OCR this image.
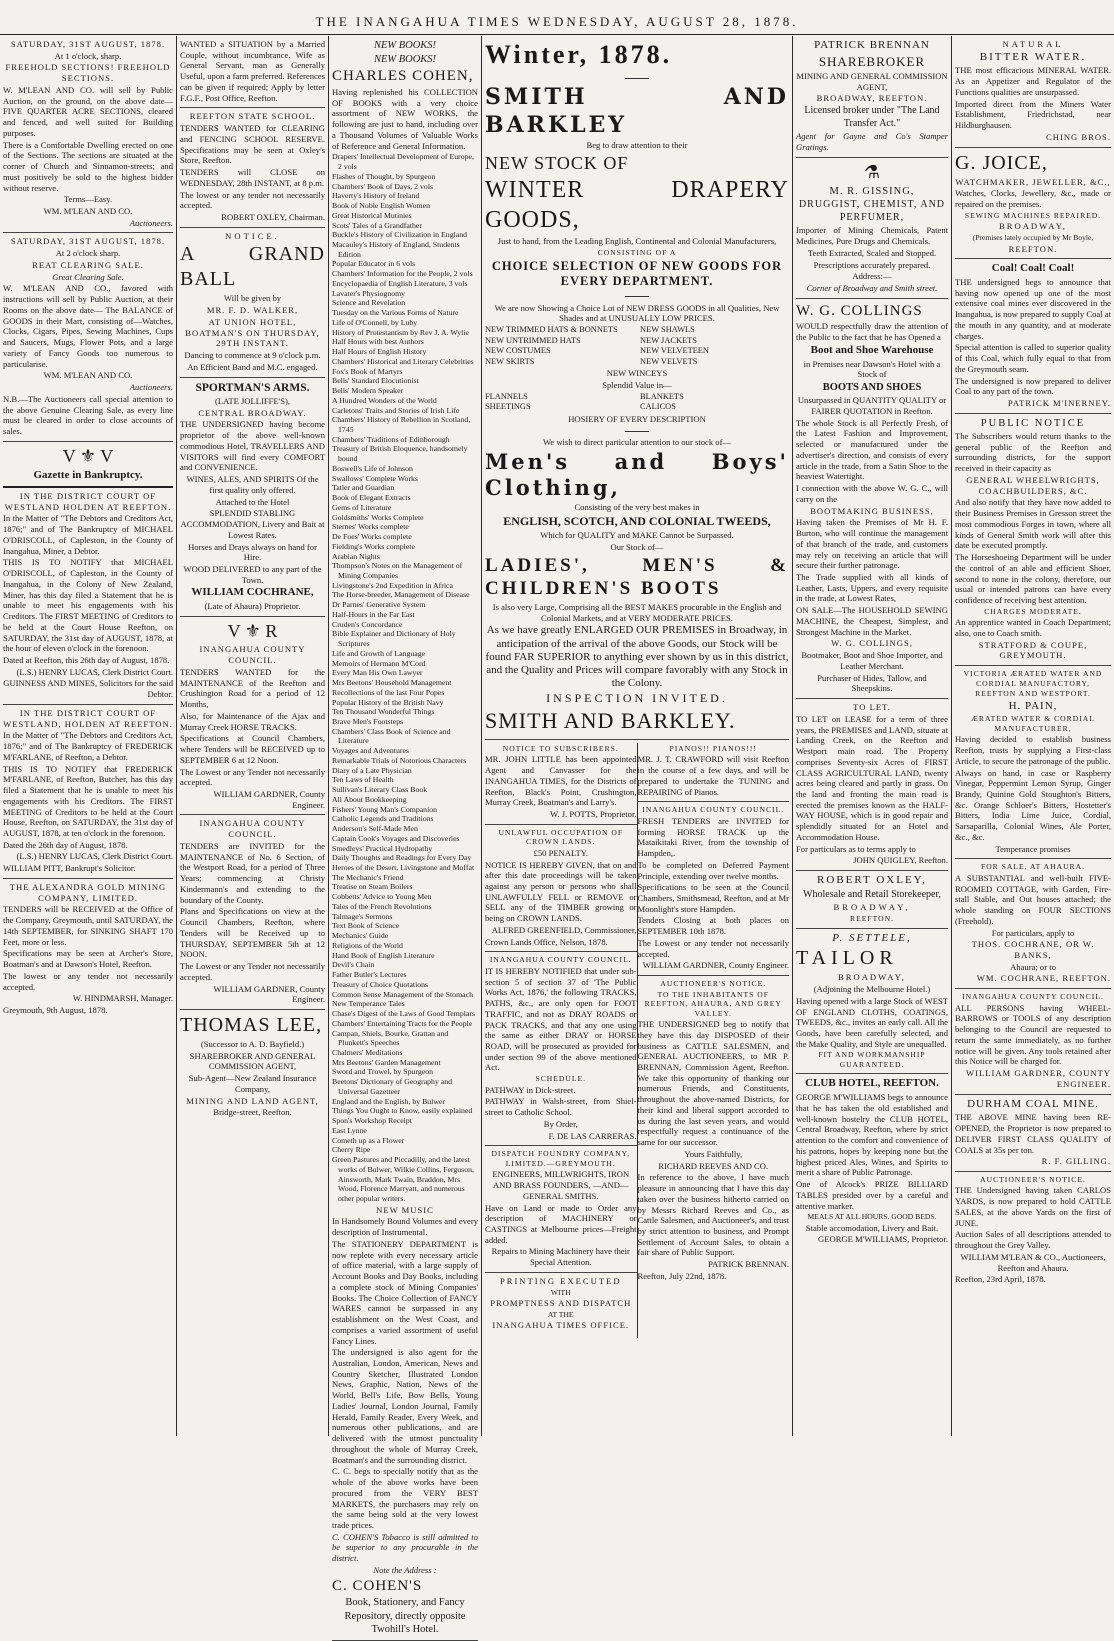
THE INANGAHUA TIMES WEDNESDAY, AUGUST 28, 1878.

SATURDAY, 31ST AUGUST, 1878.

At 1 o'clock, sharp.

FREEHOLD SECTIONS! FREEHOLD SECTIONS.

W. M'LEAN AND CO. will sell by Public Auction, on the ground, on the above date— FIVE QUARTER ACRE SECTIONS, cleared and fenced, and well suited for Building purposes.

There is a Comfortable Dwelling erected on one of the Sections. The sections are situated at the corner of Church and Sinnamon-streets; and must positively be sold to the highest bidder without reserve.

Terms—Easy.

WM. M'LEAN AND CO.

Auctioneers.

SATURDAY, 31ST AUGUST, 1878.

At 2 o'clock sharp.

REAT CLEARING SALE.

Great Clearing Sale.

W. M'LEAN AND CO., favored with instructions will sell by Public Auction, at their Rooms on the above date— The BALANCE of GOODS in their Mart, consisting of—Watches, Clocks, Cigars, Pipes, Sewing Machines, Cups and Saucers, Mugs, Flower Pots, and a large variety of Fancy Goods too numerous to particularise.

WM. M'LEAN AND CO.

Auctioneers.

N.B.—The Auctioneers call special attention to the above Genuine Clearing Sale, as every line must be cleared in order to close accounts of sales.

V ⚜ V

Gazette in Bankruptcy.

IN THE DISTRICT COURT OF WESTLAND HOLDEN AT REEFTON.

In the Matter of "The Debtors and Creditors Act, 1876;" and of The Bankruptcy of MICHAEL O'DRISCOLL, of Capleston, in the County of Inangahua, Miner, a Debtor.

THIS IS TO NOTIFY that MICHAEL O'DRISCOLL, of Capleston, in the County of Inangahua, in the Colony of New Zealand, Miner, has this day filed a Statement that he is unable to meet his engagements with his Creditors. The FIRST MEETING of Creditors to be held at the Court House Reefton, on SATURDAY, the 31st day of AUGUST, 1878, at the hour of eleven o'clock in the forenoon.

Dated at Reefton, this 26th day of August, 1878.

(L.S.) HENRY LUCAS, Clerk District Court.

GUINNESS AND MINES, Solicitors for the said Debtor.

IN THE DISTRICT COURT OF WESTLAND, HOLDEN AT REEFTON.

In the Matter of "The Debtors and Creditors Act, 1876;" and of The Bankruptcy of FREDERICK M'FARLANE, of Reefton, a Debtor.

THIS IS TO NOTIFY that FREDERICK M'FARLANE, of Reefton, Butcher, has this day filed a Statement that he is unable to meet his engagements with his Creditors. The FIRST MEETING of Creditors to be held at the Court House, Reefton, on SATURDAY, the 31st day of AUGUST, 1878, at ten o'clock in the forenoon.

Dated the 26th day of August, 1878.

(L.S.) HENRY LUCAS, Clerk District Court.

WILLIAM PITT, Bankrupt's Solicitor.

THE ALEXANDRA GOLD MINING COMPANY, LIMITED.

TENDERS will be RECEIVED at the Office of the Company, Greymouth, until SATURDAY, the 14th SEPTEMBER, for SINKING SHAFT 170 Feet, more or less.

Specifications may be seen at Archer's Store, Boatman's and at Dawson's Hotel, Reefton.

The lowest or any tender not necessarily accepted.

W. HINDMARSH, Manager.

Greymouth, 9th August, 1878.

WANTED a SITUATION by a Married Couple, without incumbrance. Wife as General Servant, man as Generally Useful, upon a farm preferred. References can be given if required; Apply by letter F.G.F., Post Office, Reefton.

REEFTON STATE SCHOOL.

TENDERS WANTED for CLEARING and FENCING SCHOOL RESERVE. Specifications may be seen at Oxley's Store, Reefton.

TENDERS will CLOSE on WEDNESDAY, 28th INSTANT, at 8 p.m.

The lowest or any tender not necessarily accepted.

ROBERT OXLEY, Chairman.

NOTICE.

A GRAND BALL

Will be given by

MR. F. D. WALKER,

AT UNION HOTEL, BOATMAN'S ON THURSDAY, 29TH INSTANT.

Dancing to commence at 9 o'clock p.m.

An Efficient Band and M.C. engaged.

SPORTMAN'S ARMS.

(LATE JOLLIFFE'S),

CENTRAL BROADWAY.

THE UNDERSIGNED having become proprietor of the above well-known commodious Hotel, TRAVELLERS AND VISITORS will find every COMFORT and CONVENIENCE.

WINES, ALES, AND SPIRITS Of the first quality only offered.

Attached to the Hotel

SPLENDID STABLING ACCOMMODATION, Livery and Bait at Lowest Rates.

Horses and Drays always on hand for Hire.

WOOD DELIVERED to any part of the Town.

WILLIAM COCHRANE,

(Late of Ahaura) Proprietor.

V ⚜ R

INANGAHUA COUNTY COUNCIL.

TENDERS WANTED for the MAINTENANCE of the Reefton and Crushington Road for a period of 12 Months,

Also, for Maintenance of the Ajax and Murray Creek HORSE TRACKS.

Specifications at Council Chambers, where Tenders will be RECEIVED up to SEPTEMBER 6 at 12 Noon.

The Lowest or any Tender not necessarily accepted.

WILLIAM GARDNER, County Engineer.

INANGAHUA COUNTY COUNCIL.

TENDERS are INVITED for the MAINTENANCE of No. 6 Section, of the Westport Road, for a period of Three Years; commencing at Christy Kindermann's and extending to the boundary of the County.

Plans and Specifications on view at the Council Chambers, Reefton, where Tenders will be Received up to THURSDAY, SEPTEMBER 5th at 12 NOON.

The Lowest or any Tender not necessarily accepted.

WILLIAM GARDNER, County Engineer.

THOMAS LEE,

(Successor to A. D. Bayfield.)

SHAREBROKER AND GENERAL COMMISSION AGENT,

Sub-Agent—New Zealand Insurance Company,

MINING AND LAND AGENT,

Bridge-street, Reefton.

NEW BOOKS!

NEW BOOKS!

CHARLES COHEN,

Having replenished his COLLECTION OF BOOKS with a very choice assortment of NEW WORKS, the following are just to hand, including over a Thousand Volumes of Valuable Works of Reference and General Information.

Drapers' Intellectual Development of Europe, 2 vols

Flashes of Thought, by Spurgeon

Chambers' Book of Days, 2 vols

Haverty's History of Ireland

Book of Noble English Women

Great Historical Mutinies

Scots' Tales of a Grandfather

Buckle's History of Civilization in England

Macauley's History of England, Students Edition

Popular Educator in 6 vols

Chambers' Information for the People, 2 vols

Encyclopaedia of English Literature, 3 vols

Lavater's Physiognomy

Science and Revelation

Tuesday on the Various Forms of Nature

Life of O'Connell, by Luby

History of Protestantism by Rev J. A. Wylie

Half Hours with best Authors

Half Hours of English History

Chambers' Historical and Literary Celebrities

Fox's Book of Martyrs

Bells' Standard Elocutionist

Bells' Modern Speaker

A Hundred Wonders of the World

Carletons' Traits and Stories of Irish Life

Chambers' History of Rebellion in Scotland, 1745

Chambers' Traditions of Edinborough

Treasury of British Eloquence, handsomely bound

Boswell's Life of Johnson

Swallows' Complete Works

Tatler and Guardian

Book of Elegant Extracts

Gems of Literature

Goldsmiths' Works Complete

Sternes' Works complete

De Foes' Works complete

Fielding's Works complete

Arabian Nights

Thompson's Notes on the Management of Mining Companies

Livingstone's 2nd Expedition in Africa

The Horse-breeder, Management of Disease

Dr Parnes' Generative System

Half-Hours in the Far East

Cruden's Concordance

Bible Explainer and Dictionary of Holy Scriptures

Life and Growth of Language

Memoirs of Hermann M'Cord

Every Man His Own Lawyer

Mrs Beetons' Household Management

Recollections of the last Four Popes

Popular History of the British Navy

Ten Thousand Wonderful Things

Brave Men's Footsteps

Chambers' Class Book of Science and Literature

Voyages and Adventures

Remarkable Trials of Notorious Characters

Diary of a Late Physician

Ten Laws of Health

Sullivan's Literary Class Book

All About Bookkeeping

Fishers' Young Man's Companion

Catholic Legends and Traditions

Anderson's Self-Made Men

Captain Cook's Voyages and Discoveries

Smedleys' Practical Hydropathy

Daily Thoughts and Readings for Every Day

Heroes of the Desert, Livingstone and Moffat

The Mechanic's Friend

Treatise on Steam Boilers

Cobbetts' Advice to Young Men

Tales of the French Revolutions

Talmage's Sermons

Text Book of Science

Mechanics' Guide

Religions of the World

Hand Book of English Literature

Devil's Chain

Father Butler's Lectures

Treasury of Choice Quotations

Common Sense Management of the Stomach

New Temperance Tales

Chase's Digest of the Laws of Good Templars

Chambers' Entertaining Tracts for the People

Campan, Shiels, Bourke, Grattan and Plunkett's Speeches

Chalmers' Meditations

Mrs Beetons' Garden Management

Sword and Trowel, by Spurgeon

Beetons' Dictionary of Geography and Universal Gazetteer

England and the English, by Bulwer

Things You Ought to Know, easily explained

Spon's Workshop Receipt

East Lynne

Cometh up as a Flower

Cherry Ripe

Green Pastures and Piccadilly, and the latest works of Bulwer, Wilkie Collins, Ferguson, Ainsworth, Mark Twain, Braddon, Mrs Wood, Florence Marryatt, and numerous other popular writers.

NEW MUSIC

In Handsomely Bound Volumes and every description of Instrumental.

The STATIONERY DEPARTMENT is now replete with every necessary article of office material, with a large supply of Account Books and Day Books, including a complete stock of Mining Companies' Books. The Choice Collection of FANCY WARES cannot be surpassed in any establishment on the West Coast, and comprises a varied assortment of useful Fancy Lines.

The undersigned is also agent for the Australian, London, American, News and Country Sketcher, Illustrated London News, Graphic, Nation, News of the World, Bell's Life, Bow Bells, Young Ladies' Journal, London Journal, Family Herald, Family Reader, Every Week, and numerous other publications, and are delivered with the utmost punctuality throughout the whole of Murray Creek, Boatman's and the surrounding district.

C. C. begs to specially notify that as the whole of the above works have been procured from the VERY BEST MARKETS, the purchasers may rely on the same being sold at the very lowest trade prices.

C. COHEN'S Tobacco is still admitted to be superior to any procurable in the district.

Note the Address :

C. COHEN'S

Book, Stationery, and Fancy Repository, directly opposite Twohill's Hotel.

Winter, 1878.

SMITH AND BARKLEY

Beg to draw attention to their

NEW STOCK OF

WINTER DRAPERY GOODS,

Just to hand, from the Leading English, Continental and Colonial Manufacturers,

CONSISTING OF A

CHOICE SELECTION OF NEW GOODS FOR EVERY DEPARTMENT.

We are now Showing a Choice Lot of NEW DRESS GOODS in all Qualities, New Shades and at UNUSUALLY LOW PRICES.

NEW TRIMMED HATS & BONNETS

NEW UNTRIMMED HATS

NEW COSTUMES

NEW SKIRTS

NEW SHAWLS

NEW JACKETS

NEW VELVETEEN

NEW VELVETS

NEW WINCEYS

Splendid Value in—

FLANNELS

SHEETINGS

BLANKETS

CALICOS

HOSIERY OF EVERY DESCRIPTION

We wish to direct particular attention to our stock of—

Men's and Boys' Clothing,

Consisting of the very best makes in

ENGLISH, SCOTCH, AND COLONIAL TWEEDS,

Which for QUALITY and MAKE Cannot be Surpassed.

Our Stock of—

LADIES', MEN'S & CHILDREN'S BOOTS

Is also very Large, Comprising all the BEST MAKES procurable in the English and Colonial Markets, and at VERY MODERATE PRICES.

As we have greatly ENLARGED OUR PREMISES in Broadway, in anticipation of the arrival of the above Goods, our Stock will be found FAR SUPERIOR to anything ever shown by us in this district, and the Quality and Prices will compare favorably with any Stock in the Colony.

INSPECTION INVITED.

SMITH AND BARKLEY.

NOTICE TO SUBSCRIBERS.

MR. JOHN LITTLE has been appointed Agent and Canvasser for the INANGAHUA TIMES, for the Districts of Reefton, Black's Point, Crushington, Murray Creek, Boatman's and Larry's.

W. J. POTTS, Proprietor.

UNLAWFUL OCCUPATION OF CROWN LANDS.

£50 PENALTY.

NOTICE IS HEREBY GIVEN, that on and after this date proceedings will be taken against any person or persons who shall UNLAWFULLY FELL or REMOVE or SELL any of the TIMBER growing or being on CROWN LANDS.

ALFRED GREENFIELD, Commissioner,

Crown Lands Office, Nelson, 1878.

INANGAHUA COUNTY COUNCIL.

IT IS HEREBY NOTIFIED that under sub-section 5 of section 37 of 'The Public Works Act, 1876,' the following TRACKS, PATHS, &c., are only open for FOOT TRAFFIC, and not as DRAY ROADS or PACK TRACKS, and that any one using the same as either DRAY or HORSE ROAD, will be prosecuted as provided for under section 99 of the above mentioned Act.

SCHEDULE.

PATHWAY in Dick-street.

PATHWAY in Walsh-street, from Shiel-street to Catholic School.

By Order,

F. DE LAS CARRERAS.

DISPATCH FOUNDRY COMPANY, LIMITED.—GREYMOUTH.

ENGINEERS, MILLWRIGHTS, IRON AND BRASS FOUNDERS, —AND— GENERAL SMITHS.

Have on Land or made to Order any description of MACHINERY or CASTINGS at Melbourne prices—Freight added.

Repairs to Mining Machinery have their Special Attention.

PRINTING EXECUTED

WITH

PROMPTNESS AND DISPATCH

AT THE

INANGAHUA TIMES OFFICE.

PIANOS!! PIANOS!!!

MR. J. T. CRAWFORD will visit Reefton in the course of a few days, and will be prepared to undertake the TUNING and REPAIRING of Pianos.

INANGAHUA COUNTY COUNCIL.

FRESH TENDERS are INVITED for forming HORSE TRACK up the Mataikitaki River, from the township of Hampden,.

To be completed on Deferred Payment Principle, extending over twelve months.

Specifications to be seen at the Council Chambers, Smithsmead, Reefton, and at Mr Moonlight's store Hampden.

Tenders Closing at both places on SEPTEMBER 10th 1878.

The Lowest or any tender not necessarily accepted.

WILLIAM GARDNER, County Engineer.

AUCTIONEER'S NOTICE.

TO THE INHABITANTS OF REEFTON, AHAURA, AND GREY VALLEY.

THE UNDERSIGNED beg to notify that they have this day DISPOSED of their business as CATTLE SALESMEN, and GENERAL AUCTIONEERS, to MR P. BRENNAN, Commission Agent, Reefton. We take this opportunity of thanking our numerous Friends, and Constituents, throughout the above-named Districts, for their kind and liberal support accorded to us during the last seven years, and would respectfully request a continuance of the same for our successor.

Yours Faithfully,

RICHARD REEVES AND CO.

In reference to the above, I have much pleasure in announcing that I have this day taken over the business hitherto carried on by Messrs Richard Reeves and Co., as Cattle Salesmen, and Auctioneer's, and trust by strict attention to business, and Prompt Settlement of Account Sales, to obtain a fair share of Public Support.

PATRICK BRENNAN.

Reefton, July 22nd, 1878.

PATRICK BRENNAN

SHAREBROKER

MINING AND GENERAL COMMISSION AGENT,

BROADWAY, REEFTON.

Licensed broker under "The Land Transfer Act."

Agent for Gayne and Co's Stamper Gratings.

⚗

M. R. GISSING,

DRUGGIST, CHEMIST, AND PERFUMER,

Importer of Mining Chemicals, Patent Medicines, Pure Drugs and Chemicals.

Teeth Extracted, Scaled and Stopped.

Prescriptions accurately prepared.

Address:—

Corner of Broadway and Smith street.

W. G. COLLINGS

WOULD respectfully draw the attention of the Public to the fact that he has Opened a

Boot and Shoe Warehouse

in Premises near Dawson's Hotel with a Stock of

BOOTS AND SHOES

Unsurpassed in QUANTITY QUALITY or FAIRER QUOTATION in Reefton.

The whole Stock is all Perfectly Fresh, of the Latest Fashion and Improvement, selected or manufactured under the advertiser's direction, and consists of every article in the trade, from a Satin Shoe to the heaviest Watertight.

I connection with the above W. G. C., will carry on the

BOOTMAKING BUSINESS,

Having taken the Premises of Mr H. F. Burton, who will continue the management of that branch of the trade, and customers may rely on receiving an article that will secure their further patronage.

The Trade supplied with all kinds of Leather, Lasts, Uppers, and every requisite in the trade, at Lowest Rates,

ON SALE—The HOUSEHOLD SEWING MACHINE, the Cheapest, Simplest, and Strongest Machine in the Market.

W. G. COLLINGS,

Bootmaker, Boot and Shoe Importer, and Leather Merchant.

Purchaser of Hides, Tallow, and Sheepskins.

TO LET.

TO LET on LEASE for a term of three years, the PREMISES and LAND, situate at Landing Creek, on the Reefton and Westport main road. The Property comprises Seventy-six Acres of FIRST CLASS AGRICULTURAL LAND, twenty acres being cleared and partly in grass. On the land and fronting the main road is erected the premises known as the HALF-WAY HOUSE, which is in good repair and splendidly situated for an Hotel and Accommodation House.

For particulars as to terms apply to

JOHN QUIGLEY, Reefton.

ROBERT OXLEY,

Wholesale and Retail Storekeeper,

BROADWAY,

REEFTON.

P. SETTELE,

TAILOR

BROADWAY,

(Adjoining the Melbourne Hotel.)

Having opened with a large Stock of WEST OF ENGLAND CLOTHS, COATINGS, TWEEDS, &c., invites an early call. All the Goods, have been carefully selected, and the Make Quality, and Style are unequalled.

FIT AND WORKMANSHIP GUARANTEED.

CLUB HOTEL, REEFTON.

GEORGE M'WILLIAMS begs to announce that he has taken the old established and well-known hostelry the CLUB HOTEL, Central Broadway, Reefton, where by strict attention to the comfort and convenience of his patrons, hopes by keeping none but the highest priced Ales, Wines, and Spirits to merit a share of Public Patronage.

One of Alcock's PRIZE BILLIARD TABLES presided over by a careful and attentive marker.

MEALS AT ALL HOURS. GOOD BEDS.

Stable accomodation, Livery and Bait.

GEORGE M'WILLIAMS, Proprietor.

NATURAL

BITTER WATER.

THE most efficacious MINERAL WATER. As an Appetizer and Regulator of the Functions qualities are unsurpassed.

Imported direct from the Miners Water Establishment, Friedrichstad, near Hildburghausen.

CHING BROS.

G. JOICE,

WATCHMAKER, JEWELLER, &C.,

Watches, Clocks, Jewellery, &c., made or repaired on the premises.

SEWING MACHINES REPAIRED.

BROADWAY,

(Premises lately occupied by Mr Boyle,

REEFTON.

Coal! Coal! Coal!

THE undersigned begs to announce that having now opened up one of the most extensive coal mines ever discovered in the Inangahua, is now prepared to supply Coal at the mouth in any quantity, and at moderate charges.

Special attention is called to superior quality of this Coal, which fully equal to that from the Greymouth seam.

The undersigned is now prepared to deliver Coal to any part of the town.

PATRICK M'INERNEY.

PUBLIC NOTICE

The Subscribers would return thanks to the general public of the Reefton and surrounding districts, for the support received in their capacity as

GENERAL WHEELWRIGHTS, COACHBUILDERS, &C.

And also notify that they have now added to their Business Premises in Gresson street the most commodious Forges in town, where all kinds of General Smith work will after this date be executed promptly.

The Horseshoeing Department will be under the control of an able and efficient Shoer, second to none in the colony, therefore, our usual or intended patrons can have every confidence of receiving best attention.

CHARGES MODERATE.

An apprentice wanted in Coach Department; also, one to Coach smith.

STRATFORD & COUPE, GREYMOUTH.

VICTORIA ÆRATED WATER AND CORDIAL MANUFACTORY,

REEFTON AND WESTPORT.

H. PAIN,

ÆRATED WATER & CORDIAL MANUFACTURER,

Having decided to establish business Reefton, trusts by supplying a First-class Article, to secure the patronage of the public.

Always on hand, in case or Raspberry Vinegar, Peppermint Lemon Syrup, Ginger Brandy, Quinine Gold Stoughton's Bitters, &c. Orange Schloer's Bitters, Hostetter's Bitters, India Lime Juice, Cordial, Sarsaparilla, Colonial Wines, Ale Porter, &c., &c.

Temperance promises

FOR SALE, AT AHAURA.

A SUBSTANTIAL and well-built FIVE-ROOMED COTTAGE, with Garden, Fire-stall Stable, and Out houses attached; the whole standing on FOUR SECTIONS (Freehold).

For particulars, apply to

THOS. COCHRANE, OR W. BANKS,

Ahaura; or to

WM. COCHRANE, REEFTON.

INANGAHUA COUNTY COUNCIL.

ALL PERSONS having WHEEL-BARROWS or TOOLS of any description belonging to the Council are requested to return the same immediately, as no further notice will be given. Any tools retained after this Notice will be charged for.

WILLIAM GARDNER, COUNTY ENGINEER.

DURHAM COAL MINE.

THE ABOVE MINE having been RE-OPENED, the Proprietor is now prepared to DELIVER FIRST CLASS QUALITY of COALS at 35s per ton.

R. F. GILLING.

AUCTIONEER'S NOTICE.

THE Undersigned having taken CARLOS YARDS, is now prepared to hold CATTLE SALES, at the above Yards on the first of JUNE.

Auction Sales of all descriptions attended to throughout the Grey Valley.

WILLIAM M'LEAN & CO., Auctioneers, Reefton and Ahaura.

Reefton, 23rd April, 1878.
